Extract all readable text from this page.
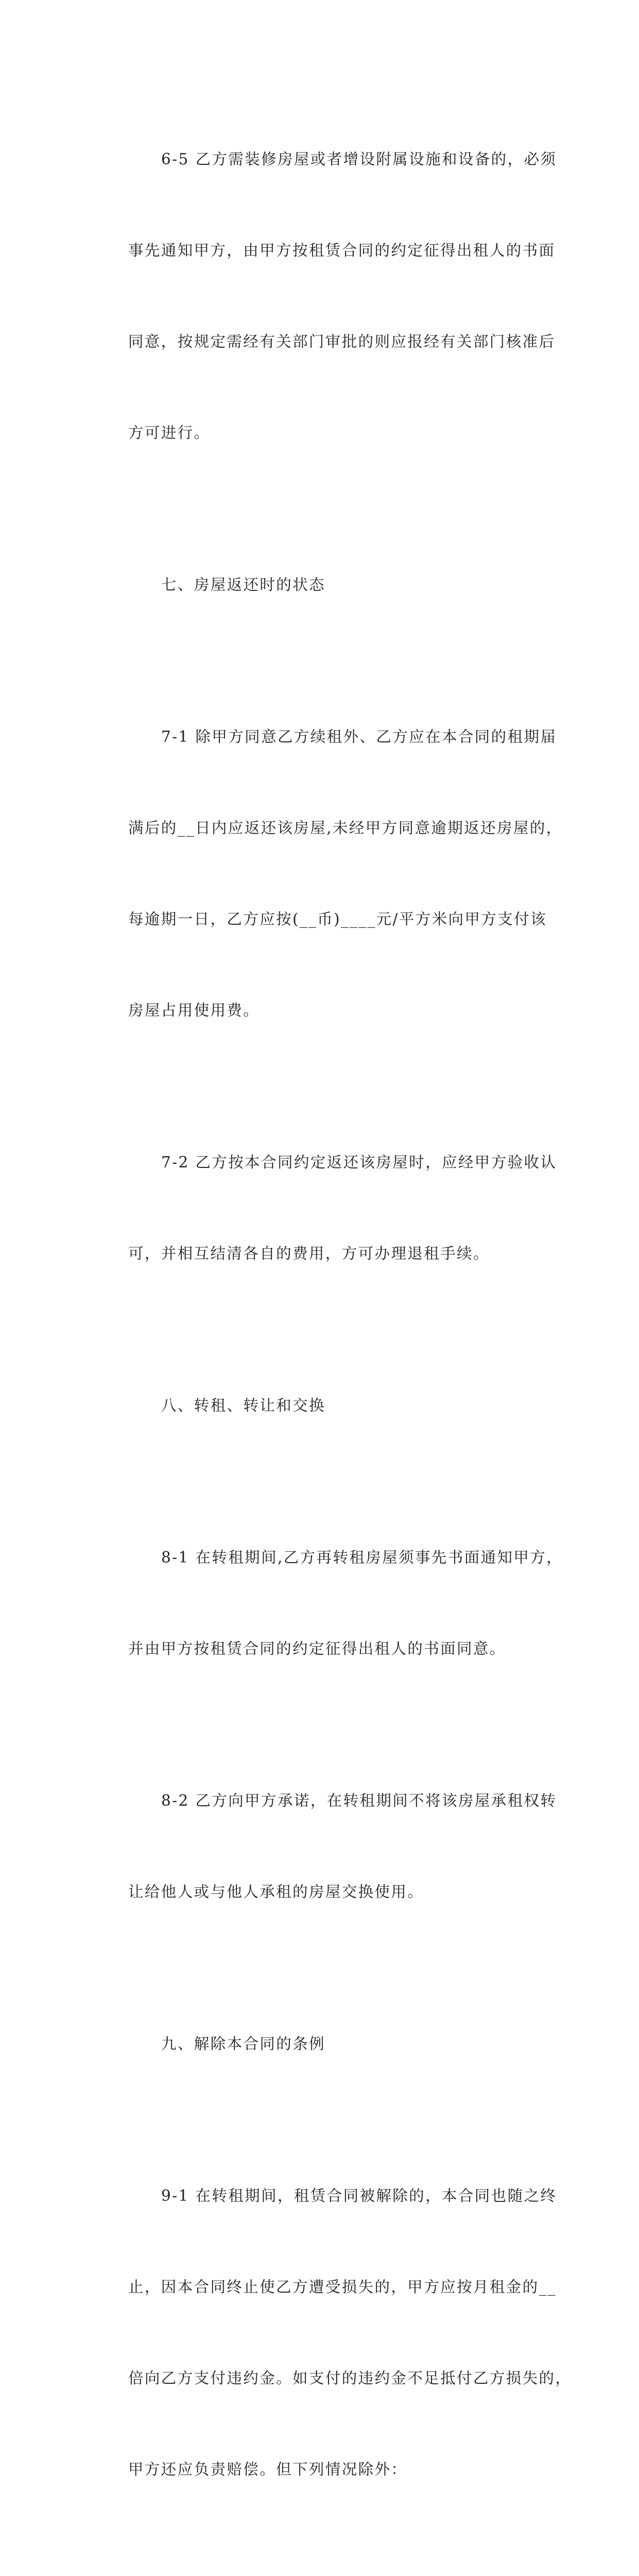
6-5 乙方需装修房屋或者增设附属设施和设备的，必须

事先通知甲方，由甲方按租赁合同的约定征得出租人的书面

同意，按规定需经有关部门审批的则应报经有关部门核准后

方可进行。

七、房屋返还时的状态

7-1 除甲方同意乙方续租外、乙方应在本合同的租期届

满后的__日内应返还该房屋,未经甲方同意逾期返还房屋的，

每逾期一日，乙方应按(__币)____元/平方米向甲方支付该

房屋占用使用费。

7-2 乙方按本合同约定返还该房屋时，应经甲方验收认

可，并相互结清各自的费用，方可办理退租手续。

八、转租、转让和交换

8-1 在转租期间,乙方再转租房屋须事先书面通知甲方，

并由甲方按租赁合同的约定征得出租人的书面同意。

8-2 乙方向甲方承诺，在转租期间不将该房屋承租权转

让给他人或与他人承租的房屋交换使用。

九、解除本合同的条例

9-1 在转租期间，租赁合同被解除的，本合同也随之终

止，因本合同终止使乙方遭受损失的，甲方应按月租金的__

倍向乙方支付违约金。如支付的违约金不足抵付乙方损失的，

甲方还应负责赔偿。但下列情况除外：
